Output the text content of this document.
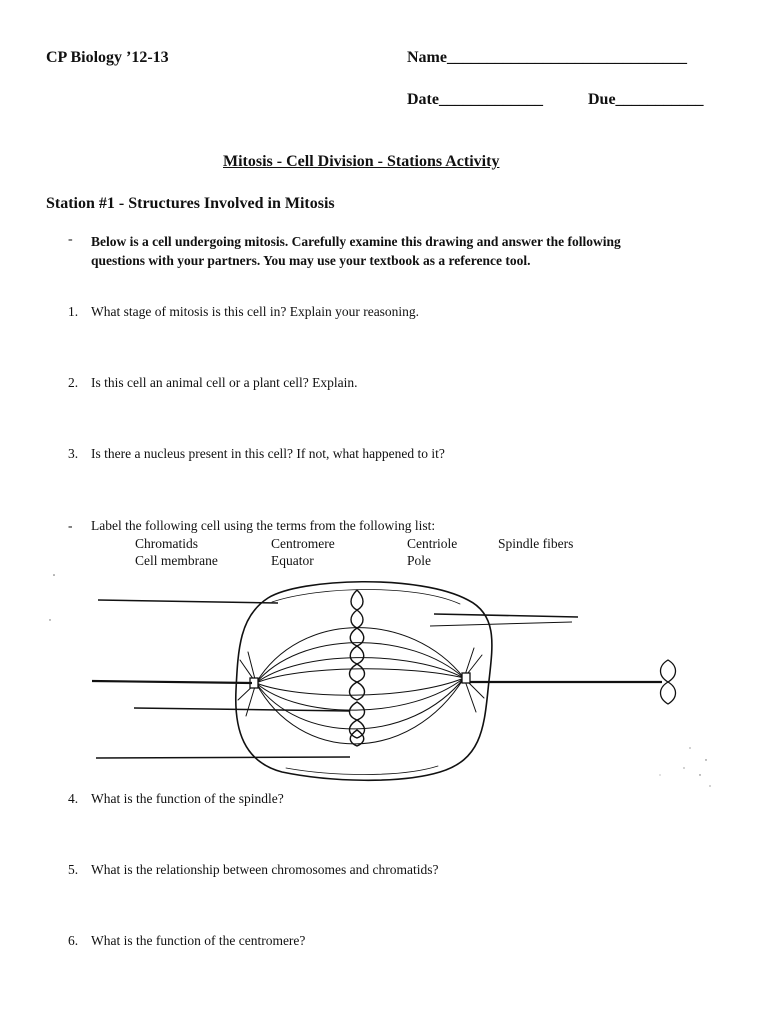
CP Biology ’12-13	Name______________________________
Date_____________	Due___________
Mitosis - Cell Division - Stations Activity
Station #1 - Structures Involved in Mitosis
- Below is a cell undergoing mitosis. Carefully examine this drawing and answer the following
questions with your partners. You may use your textbook as a reference tool.
1. What stage of mitosis is this cell in? Explain your reasoning.
2. Is this cell an animal cell or a plant cell? Explain.
3. Is there a nucleus present in this cell? If not, what happened to it?
- Label the following cell using the terms from the following list:
Chromatids	Centromere	Centriole	Spindle fibers
Cell membrane	Equator	Pole
4. What is the function of the spindle?
5. What is the relationship between chromosomes and chromatids?
6. What is the function of the centromere?
